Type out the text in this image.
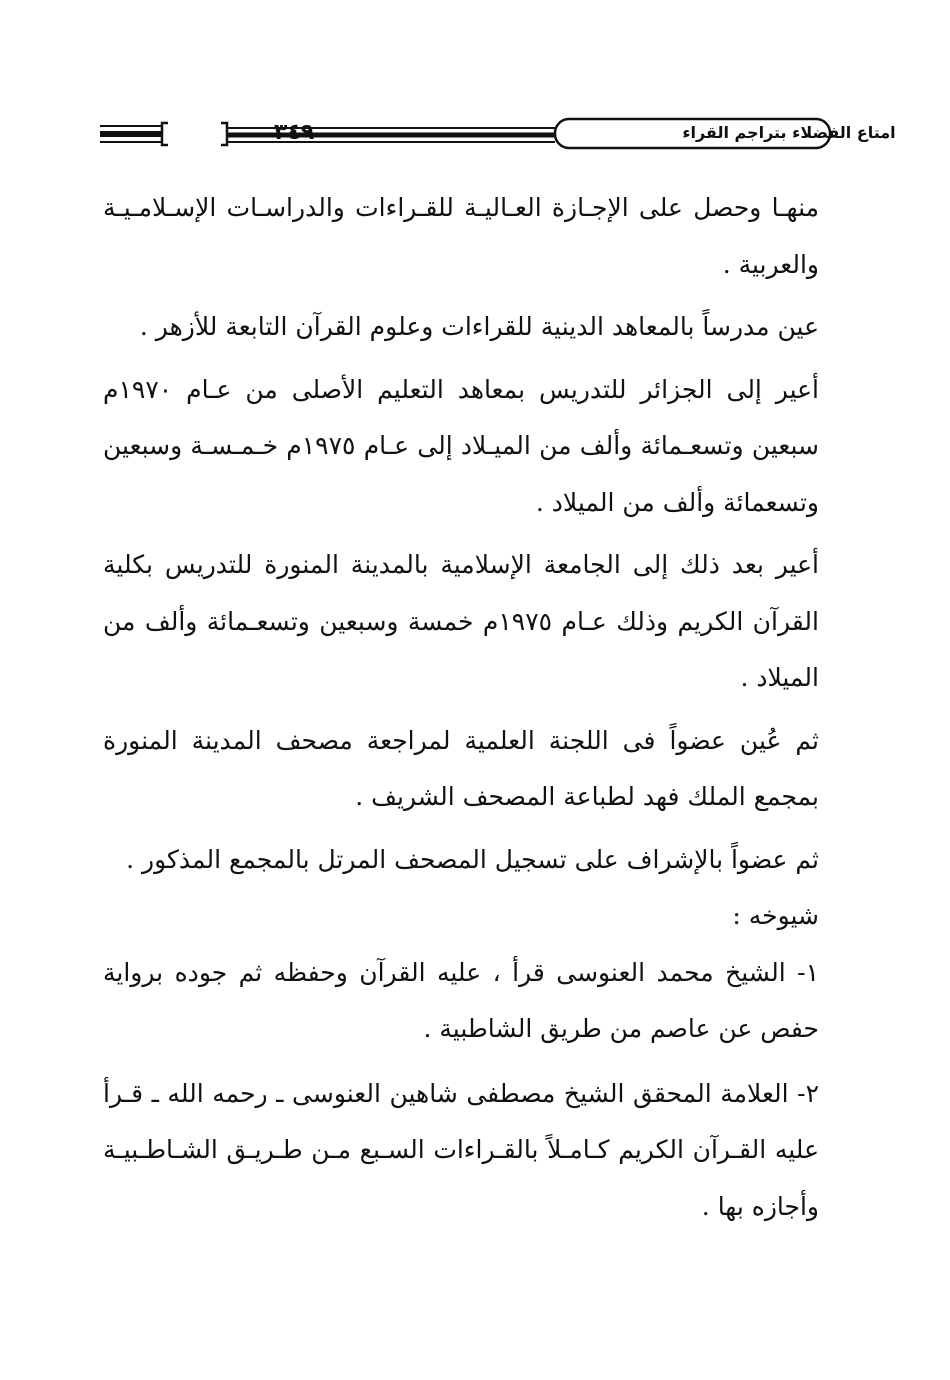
٣٤٩	امتاع الفضلاء بتراجم القراء

منهـا وحصل على الإجـازة العـاليـة للقـراءات والدراسـات الإسـلامـيـة والعربية .

عين مدرساً بالمعاهد الدينية للقراءات وعلوم القرآن التابعة للأزهر .

أعير إلى الجزائر للتدريس بمعاهد التعليم الأصلى من عـام ١٩٧٠م سبعين وتسعـمائة وألف من الميـلاد إلى عـام ١٩٧٥م خـمـسـة وسبعين وتسعمائة وألف من الميلاد .

أعير بعد ذلك إلى الجامعة الإسلامية بالمدينة المنورة للتدريس بكلية القرآن الكريم وذلك عـام ١٩٧٥م خمسة وسبعين وتسعـمائة وألف من الميلاد .

ثم عُين عضواً فى اللجنة العلمية لمراجعة مصحف المدينة المنورة بمجمع الملك فهد لطباعة المصحف الشريف .

ثم عضواً بالإشراف على تسجيل المصحف المرتل بالمجمع المذكور .

شيوخه :

١- الشيخ محمد العنوسى قرأ ، عليه القرآن وحفظه ثم جوده برواية حفص عن عاصم من طريق الشاطبية .

٢- العلامة المحقق الشيخ مصطفى شاهين العنوسى ـ رحمه الله ـ قـرأ عليه القـرآن الكريم كـامـلاً بالقـراءات السـبع مـن طـريـق الشـاطـبيـة وأجازه بها .
